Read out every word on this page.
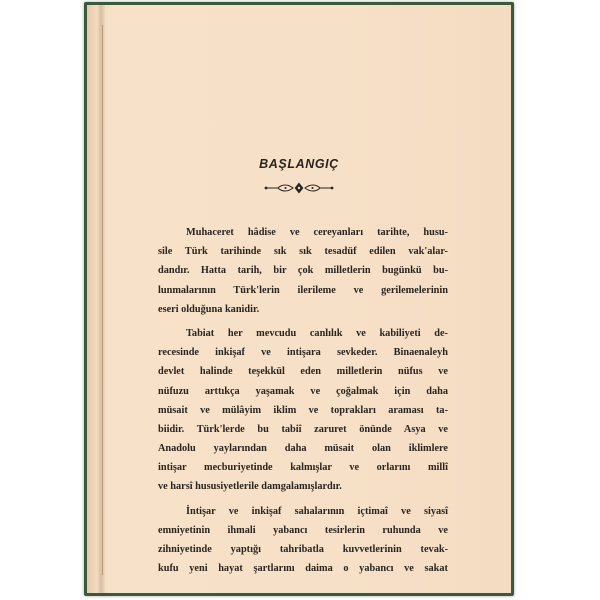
BAŞLANGIÇ

Muhaceret hâdise ve cereyanları tarihte, husu-
sile Türk tarihinde sık sık tesadüf edilen vak'alar-
dandır. Hatta tarih, bir çok milletlerin bugünkü bu-
lunmalarının Türk'lerin ilerileme ve gerilemelerinin
eseri olduğuna kanidir.

Tabiat her mevcudu canlılık ve kabiliyeti de-
recesinde inkişaf ve intişara sevkeder. Binaenaleyh
devlet halinde teşekkül eden milletlerin nüfus ve
nüfuzu arttıkça yaşamak ve çoğalmak için daha
müsait ve mülâyim iklim ve toprakları araması ta-
biidir. Türk'lerde bu tabiî zaruret önünde Asya ve
Anadolu yaylarından daha müsait olan iklimlere
intişar mecburiyetinde kalmışlar ve orlarını millî
ve harsî hususiyetlerile damgalamışlardır.

İntişar ve inkişaf sahalarının içtimaî ve siyasî
emniyetinin ihmali yabancı tesirlerin ruhunda ve
zihniyetinde yaptığı tahribatla kuvvetlerinin tevak-
kufu yeni hayat şartlarını daima o yabancı ve sakat
